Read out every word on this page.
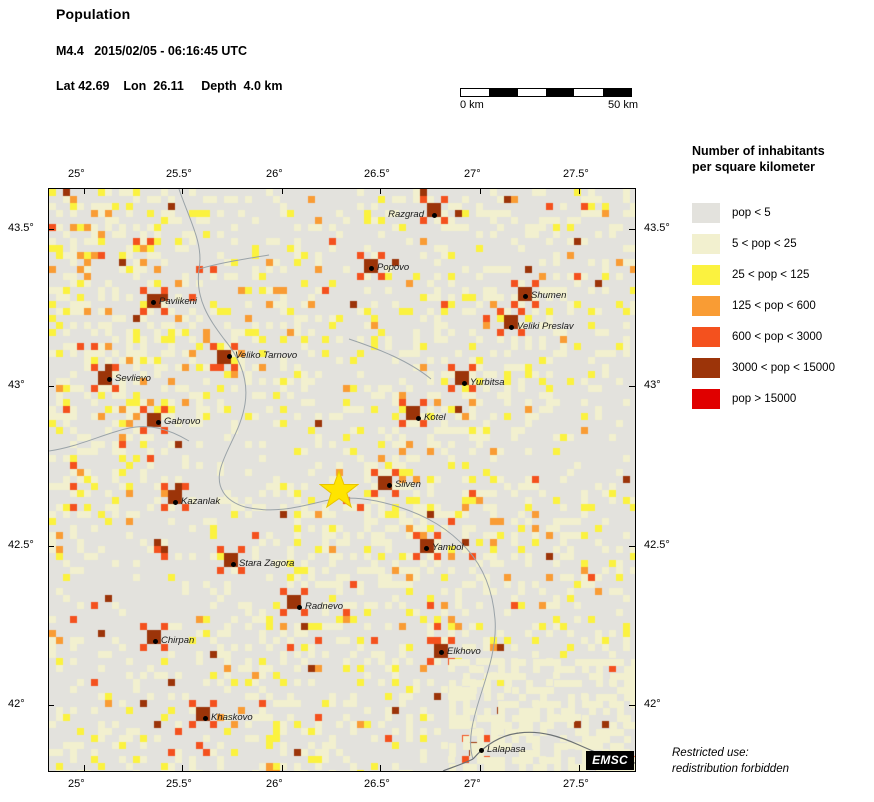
Population
M4.4   2015/02/05 - 06:16:45 UTC
Lat 42.69    Lon  26.11     Depth  4.0 km
0 km	50 km
Razgrad
Popovo
Pavlikeni
Shumen
Veliki Preslav
Veliko Tarnovo
Sevlievo	Yurbitsa
Gabrovo	Kotel
Sliven
Kazanlak
Stara Zagora
Yambol
Radnevo
Chirpan
Elkhovo
Khaskovo
Lalapasa
EMSC
25°
25°
25.5°
25.5°
26°
26°
26.5°
26.5°
27°
27°
27.5°
27.5°
43.5°	43.5°
43°	43°
42.5°	42.5°
42°	42°
Number of inhabitants
per square kilometer
pop < 5
5 < pop < 25
25 < pop < 125
125 < pop < 600
600 < pop < 3000
3000 < pop < 15000
pop > 15000
Restricted use:
redistribution forbidden
